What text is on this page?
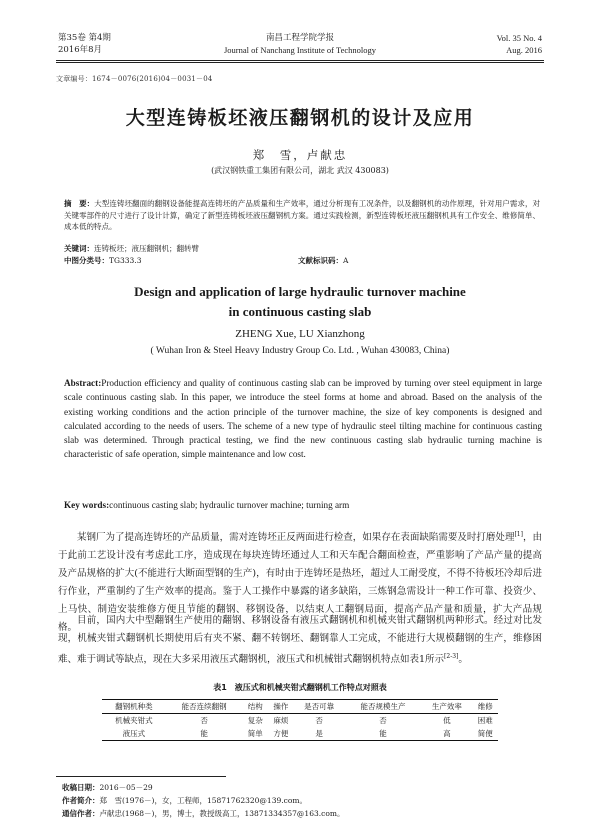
第35卷 第4期
2016年8月
南昌工程学院学报
Journal of Nanchang Institute of Technology
Vol. 35 No. 4
Aug. 2016
文章编号：1674－0076(2016)04－0031－04
大型连铸板坯液压翻钢机的设计及应用
郑　雪，卢献忠
(武汉钢铁重工集团有限公司，湖北 武汉 430083)
摘　要：大型连铸坯翻面的翻钢设备能提高连铸坯的产品质量和生产效率，通过分析现有工况条件，以及翻钢机的动作原理，针对用户需求，对关键零部件的尺寸进行了设计计算，确定了新型连铸板坯液压翻钢机方案。通过实践检测，新型连铸板坯液压翻钢机具有工作安全、维修简单、成本低的特点。
关键词：连铸板坯；液压翻钢机；翻转臂
中图分类号：TG333.3	文献标识码：A
Design and application of large hydraulic turnover machine
in continuous casting slab
ZHENG Xue, LU Xianzhong
( Wuhan Iron & Steel Heavy Industry Group Co. Ltd. , Wuhan 430083, China)
Abstract:Production efficiency and quality of continuous casting slab can be improved by turning over steel equipment in large scale continuous casting slab. In this paper, we introduce the steel forms at home and abroad. Based on the analysis of the existing working conditions and the action principle of the turnover machine, the size of key components is designed and calculated according to the needs of users. The scheme of a new type of hydraulic steel tilting machine for continuous casting slab was determined. Through practical testing, we find the new continuous casting slab hydraulic turning machine is characteristic of safe operation, simple maintenance and low cost.
Key words:continuous casting slab; hydraulic turnover machine; turning arm
某钢厂为了提高连铸坯的产品质量，需对连铸坯正反两面进行检查，如果存在表面缺陷需要及时打磨处理[1]，由于此前工艺设计没有考虑此工序，造成现在每块连铸坯通过人工和天车配合翻面检查，严重影响了产品产量的提高及产品规格的扩大(不能进行大断面型钢的生产)，有时由于连铸坯是热坯，超过人工耐受度，不得不待板坯冷却后进行作业，严重制约了生产效率的提高。鉴于人工操作中暴露的诸多缺陷，三炼钢急需设计一种工作可靠、投资少、上马快、制造安装维修方便且节能的翻钢、移钢设备，以结束人工翻钢局面，提高产品产量和质量，扩大产品规格。
目前，国内大中型翻钢生产使用的翻钢、移钢设备有液压式翻钢机和机械夹钳式翻钢机两种形式。经过对比发现，机械夹钳式翻钢机长期使用后有夹不紧、翻不转钢坯、翻钢靠人工完成，不能进行大规模翻钢的生产，维修困难、难于调试等缺点，现在大多采用液压式翻钢机，液压式和机械钳式翻钢机特点如表1所示[2-3]。
表1　液压式和机械夹钳式翻钢机工作特点对照表
翻钢机种类	能否连续翻钢	结构	操作	是否可靠	能否规模生产	生产效率	维修
机械夹钳式	否	复杂	麻烦	否	否	低	困难
液压式	能	简单	方便	是	能	高	简便
收稿日期：2016－05－29
作者简介：郑　雪(1976－)，女，工程师，15871762320@139.com。
通信作者：卢献忠(1968－)，男，博士，教授级高工，13871334357@163.com。
